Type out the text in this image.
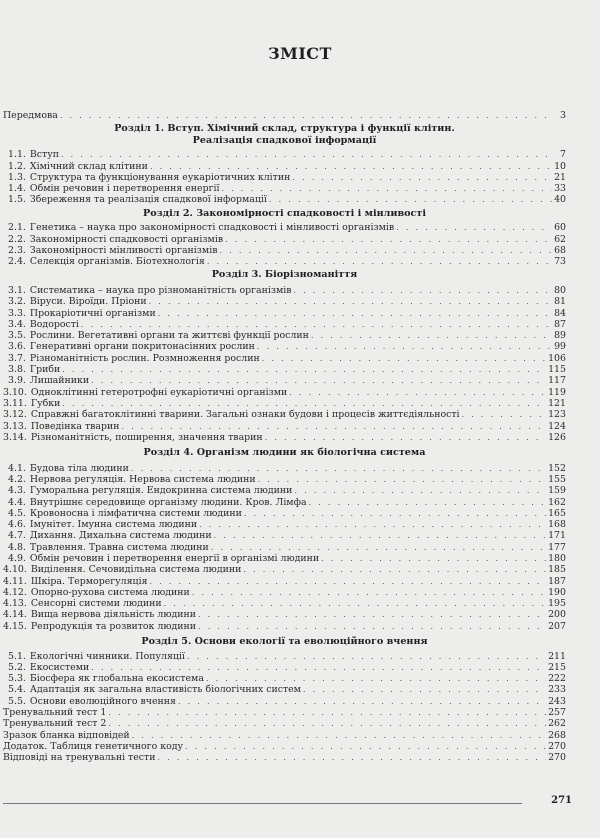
ЗМІСТ
Передмова . . .	3
Розділ 1. Вступ. Хімічний склад, структура і функції клітин.
Реалізація спадкової інформації
1.1. Вступ . . .	7
1.2. Хімічний склад клітини . . .	10
1.3. Структура та функціонування еукаріотичних клітин . . .	21
1.4. Обмін речовин і перетворення енергії . . .	33
1.5. Збереження та реалізація спадкової інформації . . .	40
Розділ 2. Закономірності спадковості і мінливості
2.1. Генетика – наука про закономірності спадковості і мінливості організмів . . .	60
2.2. Закономірності спадковості організмів . . .	62
2.3. Закономірності мінливості організмів . . .	68
2.4. Селекція організмів. Біотехнологія . . .	73
Розділ 3. Біорізноманіття
3.1. Систематика – наука про різноманітність організмів . . .	80
3.2. Віруси. Віроїди. Пріони . . .	81
3.3. Прокаріотичні організми . . .	84
3.4. Водорості . . .	87
3.5. Рослини. Вегетативні органи та життєві функції рослин . . .	89
3.6. Генеративні органи покритонасінних рослин . . .	99
3.7. Різноманітність рослин. Розмноження рослин . . .	106
3.8. Гриби . . .	115
3.9. Лишайники . . .	117
3.10. Одноклітинні гетеротрофні еукаріотичні організми . . .	119
3.11. Губки . . .	121
3.12. Справжні багатоклітинні тварини. Загальні ознаки будови і процесів життєдіяльності . . .	123
3.13. Поведінка тварин . . .	124
3.14. Різноманітність, поширення, значення тварин . . .	126
Розділ 4. Організм людини як біологічна система
4.1. Будова тіла людини . . .	152
4.2. Нервова регуляція. Нервова система людини . . .	155
4.3. Гуморальна регуляція. Ендокринна система людини . . .	159
4.4. Внутрішнє середовище організму людини. Кров. Лімфа . . .	162
4.5. Кровоносна і лімфатична системи людини . . .	165
4.6. Імунітет. Імунна система людини . . .	168
4.7. Дихання. Дихальна система людини . . .	171
4.8. Травлення. Травна система людини . . .	177
4.9. Обмін речовин і перетворення енергії в організмі людини . . .	180
4.10. Виділення. Сечовидільна система людини . . .	185
4.11. Шкіра. Терморегуляція . . .	187
4.12. Опорно-рухова система людини . . .	190
4.13. Сенсорні системи людини . . .	195
4.14. Вища нервова діяльність людини . . .	200
4.15. Репродукція та розвиток людини . . .	207
Розділ 5. Основи екології та еволюційного вчення
5.1. Екологічні чинники. Популяції . . .	211
5.2. Екосистеми . . .	215
5.3. Біосфера як глобальна екосистема . . .	222
5.4. Адаптація як загальна властивість біологічних систем . . .	233
5.5. Основи еволюційного вчення . . .	243
Тренувальний тест 1 . . .	257
Тренувальний тест 2 . . .	262
Зразок бланка відповідей . . .	268
Додаток. Таблиця генетичного коду . . .	270
Відповіді на тренувальні тести . . .	270
271
